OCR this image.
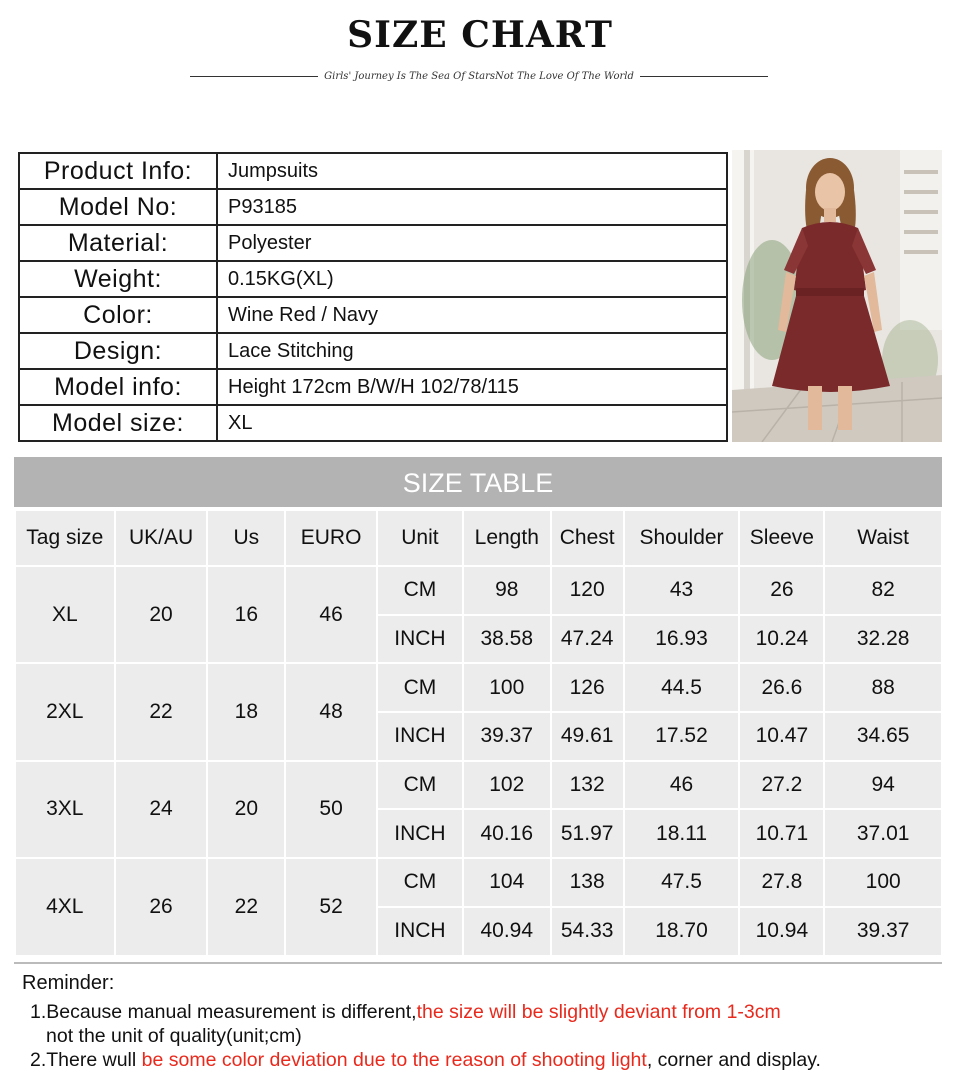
SIZE CHART
Girls' Journey Is The Sea Of StarsNot The Love Of The World
Product Info:	Jumpsuits
Model No:	P93185
Material:	Polyester
Weight:	0.15KG(XL)
Color:	Wine Red / Navy
Design:	Lace Stitching
Model info:	Height 172cm B/W/H 102/78/115
Model size:	XL
SIZE TABLE
Tag size	UK/AU	Us	EURO	Unit	Length	Chest	Shoulder	Sleeve	Waist
XL	20	16	46	CM	98	120	43	26	82
				INCH	38.58	47.24	16.93	10.24	32.28
2XL	22	18	48	CM	100	126	44.5	26.6	88
				INCH	39.37	49.61	17.52	10.47	34.65
3XL	24	20	50	CM	102	132	46	27.2	94
				INCH	40.16	51.97	18.11	10.71	37.01
4XL	26	22	52	CM	104	138	47.5	27.8	100
				INCH	40.94	54.33	18.70	10.94	39.37
Reminder:
1.Because manual measurement is different,the size will be slightly deviant from 1-3cm
not the unit of quality(unit;cm)
2.There wull be some color deviation due to the reason of shooting light, corner and display.
